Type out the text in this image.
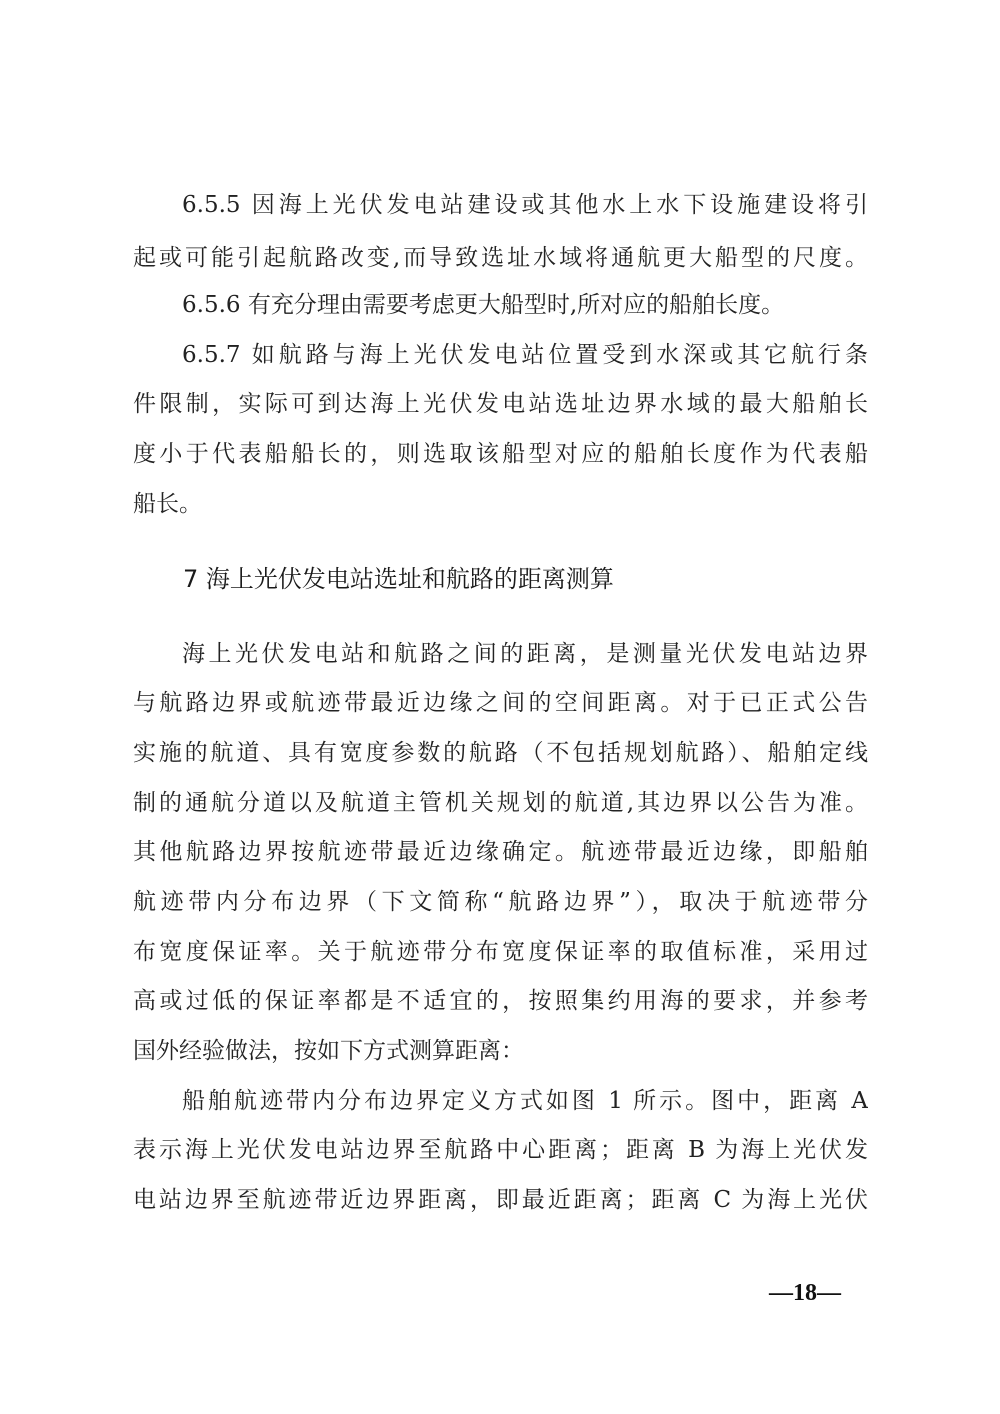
6.5.5 因海上光伏发电站建设或其他水上水下设施建设将引
起或可能引起航路改变,而导致选址水域将通航更大船型的尺度。
6.5.6 有充分理由需要考虑更大船型时,所对应的船舶长度。
6.5.7 如航路与海上光伏发电站位置受到水深或其它航行条
件限制，实际可到达海上光伏发电站选址边界水域的最大船舶长
度小于代表船船长的，则选取该船型对应的船舶长度作为代表船
船长。
7 海上光伏发电站选址和航路的距离测算
海上光伏发电站和航路之间的距离，是测量光伏发电站边界
与航路边界或航迹带最近边缘之间的空间距离。对于已正式公告
实施的航道、具有宽度参数的航路（不包括规划航路）、船舶定线
制的通航分道以及航道主管机关规划的航道,其边界以公告为准。
其他航路边界按航迹带最近边缘确定。航迹带最近边缘，即船舶
航迹带内分布边界（下文简称“航路边界”），取决于航迹带分
布宽度保证率。关于航迹带分布宽度保证率的取值标准，采用过
高或过低的保证率都是不适宜的，按照集约用海的要求，并参考
国外经验做法，按如下方式测算距离：
船舶航迹带内分布边界定义方式如图 1 所示。图中，距离 A
表示海上光伏发电站边界至航路中心距离；距离 B 为海上光伏发
电站边界至航迹带近边界距离，即最近距离；距离 C 为海上光伏
—18—
